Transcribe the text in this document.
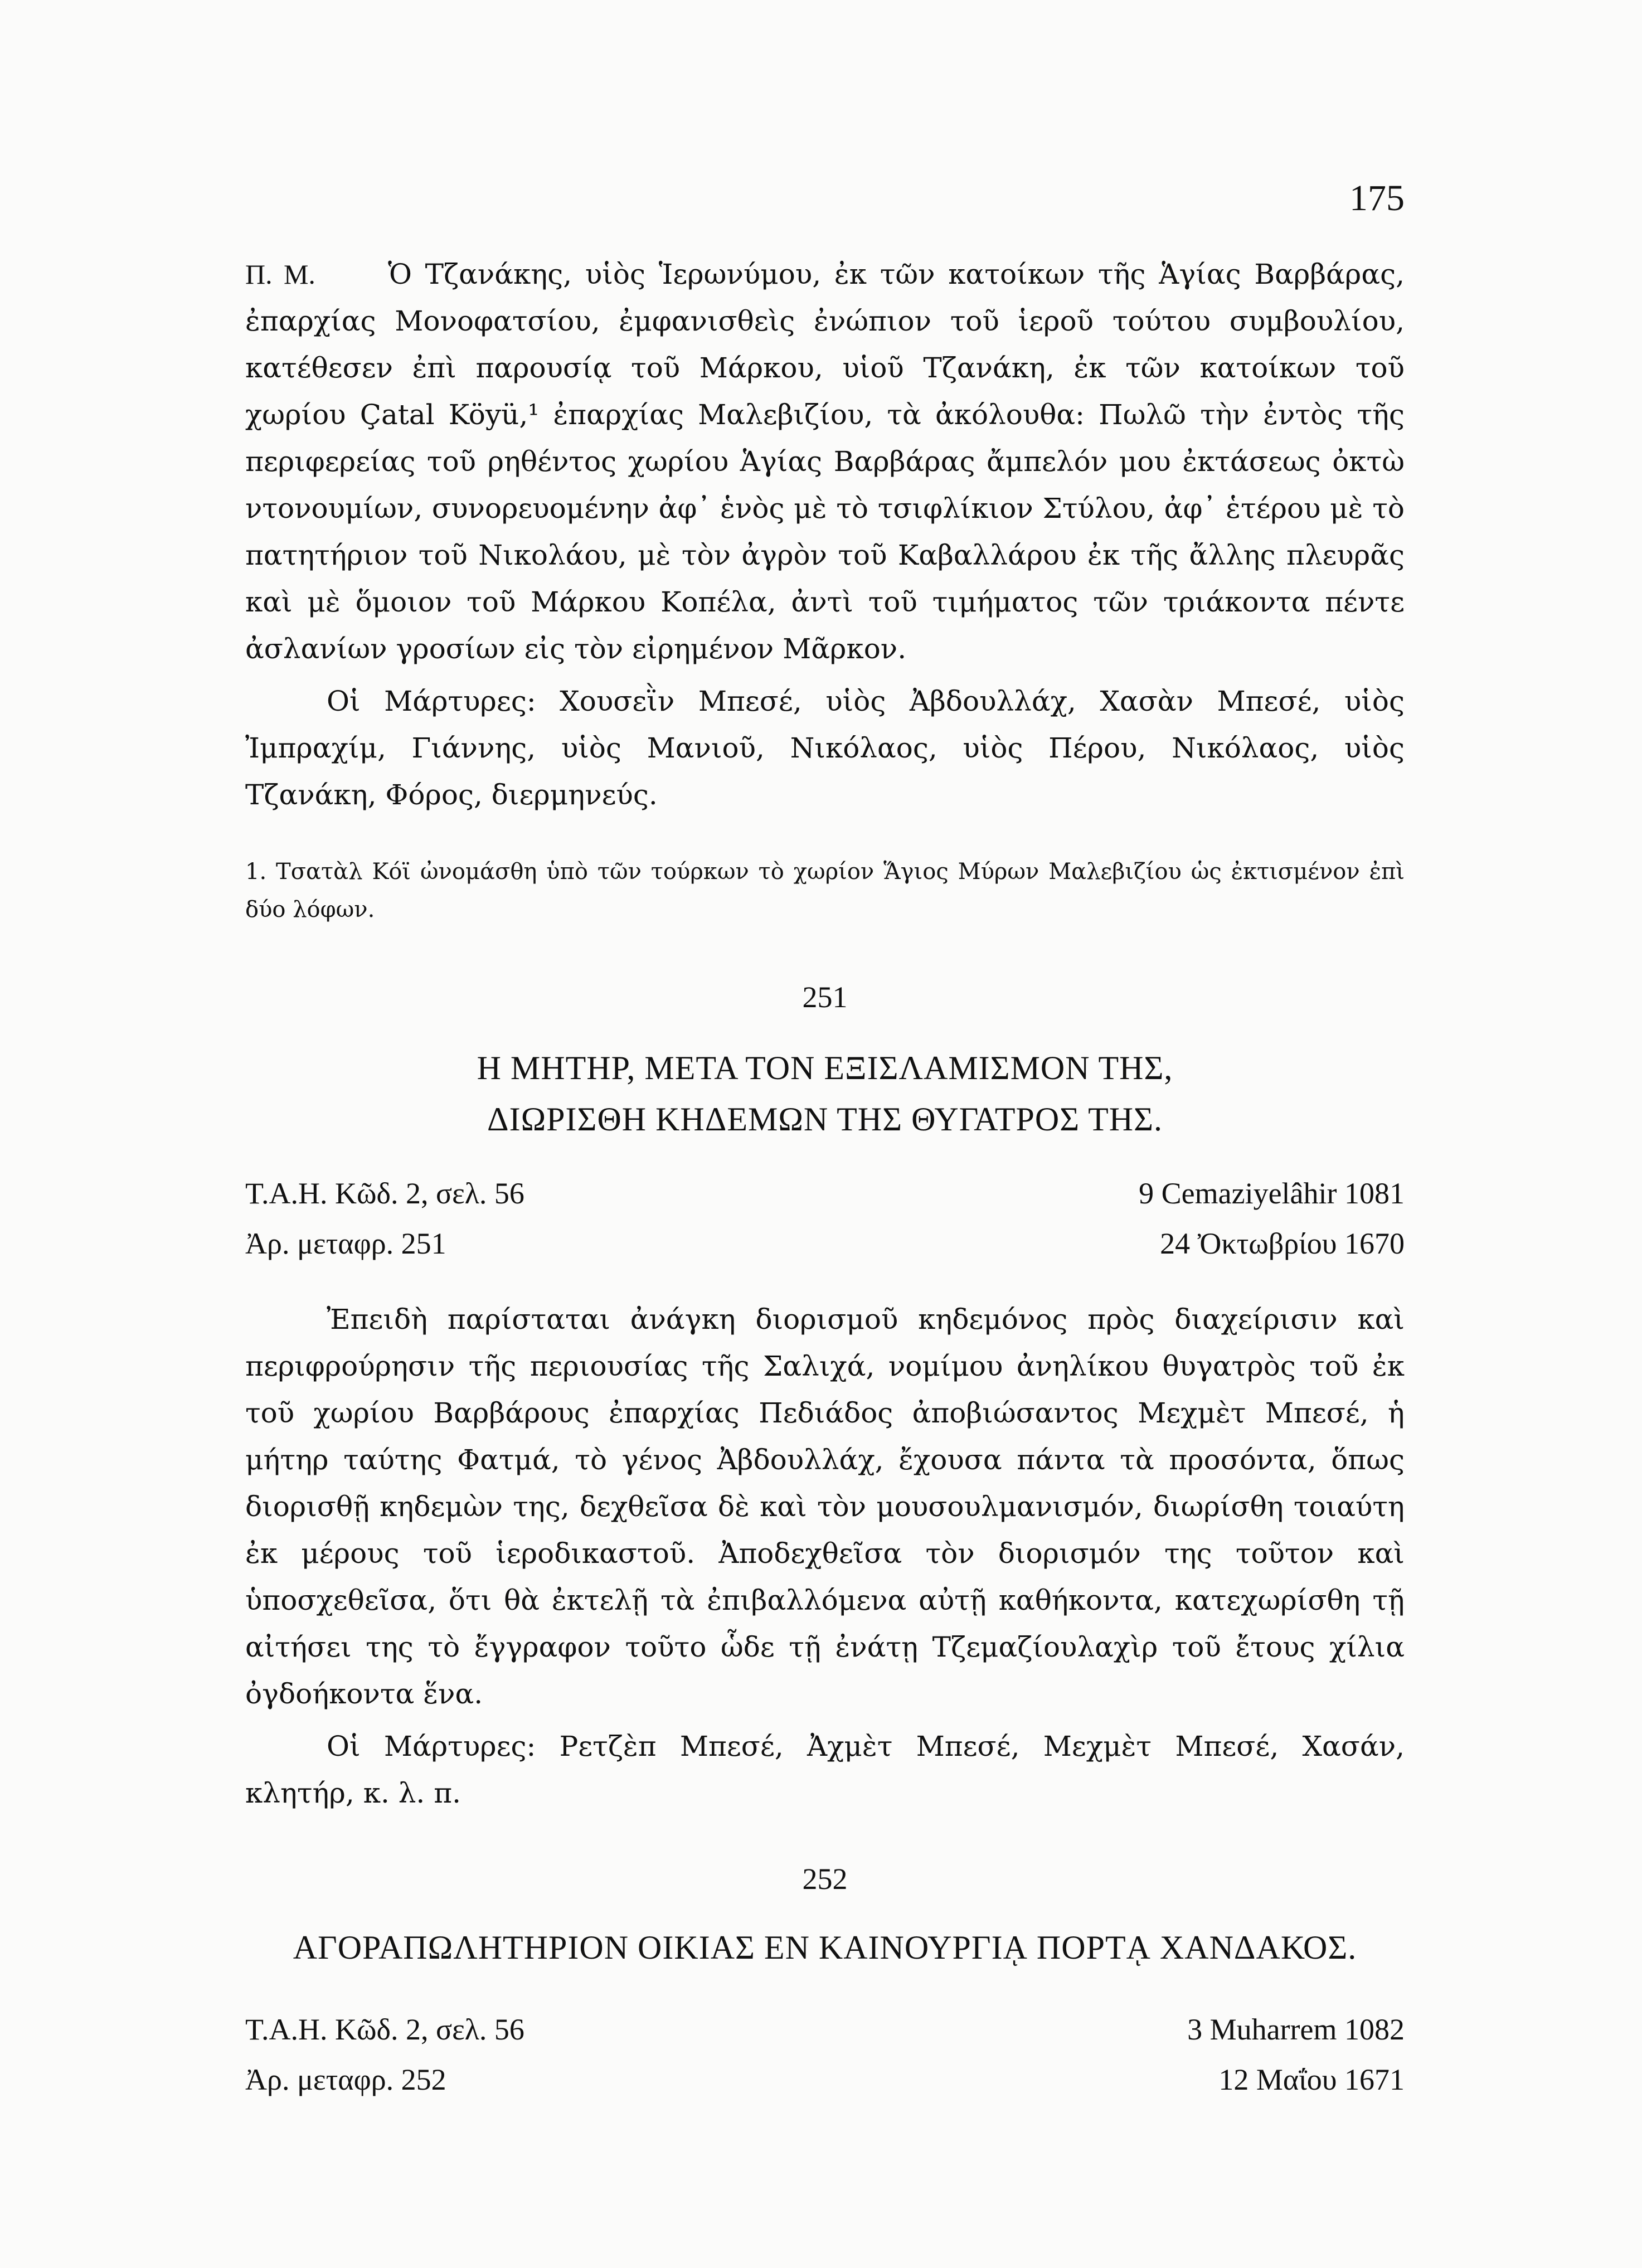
175

Π. Μ.	Ὁ Τζανάκης, υἱὸς Ἱερωνύμου, ἐκ τῶν κατοίκων τῆς Ἁγίας Βαρβάρας, ἐπαρχίας Μονοφατσίου, ἐμφανισθεὶς ἐνώπιον τοῦ ἱεροῦ τούτου συμβουλίου, κατέθεσεν ἐπὶ παρουσίᾳ τοῦ Μάρκου, υἱοῦ Τζανάκη, ἐκ τῶν κατοίκων τοῦ χωρίου Çatal Köyü,¹ ἐπαρχίας Μαλεβιζίου, τὰ ἀκόλουθα: Πωλῶ τὴν ἐντὸς τῆς περιφερείας τοῦ ρηθέντος χωρίου Ἁγίας Βαρβάρας ἄμπελόν μου ἐκτάσεως ὀκτὼ ντονουμίων, συνορευομένην ἀφ᾽ ἑνὸς μὲ τὸ τσιφλίκιον Στύλου, ἀφ᾽ ἑτέρου μὲ τὸ πατητήριον τοῦ Νικολάου, μὲ τὸν ἀγρὸν τοῦ Καβαλλάρου ἐκ τῆς ἄλλης πλευρᾶς καὶ μὲ ὅμοιον τοῦ Μάρκου Κοπέλα, ἀντὶ τοῦ τιμήματος τῶν τριάκοντα πέντε ἀσλανίων γροσίων εἰς τὸν εἰρημένον Μᾶρκον.

Οἱ Μάρτυρες: Χουσεῒν Μπεσέ, υἱὸς Ἀβδουλλάχ, Χασὰν Μπεσέ, υἱὸς Ἰμπραχίμ, Γιάννης, υἱὸς Μανιοῦ, Νικόλαος, υἱὸς Πέρου, Νικόλαος, υἱὸς Τζανάκη, Φόρος, διερμηνεύς.

1. Τσατὰλ Κόϊ ὠνομάσθη ὑπὸ τῶν τούρκων τὸ χωρίον Ἅγιος Μύρων Μαλεβιζίου ὡς ἐκτισμένον ἐπὶ δύο λόφων.

251
Η ΜΗΤΗΡ, ΜΕΤΑ ΤΟΝ ΕΞΙΣΛΑΜΙΣΜΟΝ ΤΗΣ,
ΔΙΩΡΙΣΘΗ ΚΗΔΕΜΩΝ ΤΗΣ ΘΥΓΑΤΡΟΣ ΤΗΣ.
Τ.Α.Η. Κῶδ. 2, σελ. 56	9 Cemaziyelâhir 1081
Ἀρ. μεταφρ. 251	24 Ὀκτωβρίου 1670

Ἐπειδὴ παρίσταται ἀνάγκη διορισμοῦ κηδεμόνος πρὸς διαχείρισιν καὶ περιφρούρησιν τῆς περιουσίας τῆς Σαλιχά, νομίμου ἀνηλίκου θυγατρὸς τοῦ ἐκ τοῦ χωρίου Βαρβάρους ἐπαρχίας Πεδιάδος ἀποβιώσαντος Μεχμὲτ Μπεσέ, ἡ μήτηρ ταύτης Φατμά, τὸ γένος Ἀβδουλλάχ, ἔχουσα πάντα τὰ προσόντα, ὅπως διορισθῇ κηδεμὼν της, δεχθεῖσα δὲ καὶ τὸν μουσουλμανισμόν, διωρίσθη τοιαύτη ἐκ μέρους τοῦ ἱεροδικαστοῦ. Ἀποδεχθεῖσα τὸν διορισμόν της τοῦτον καὶ ὑποσχεθεῖσα, ὅτι θὰ ἐκτελῇ τὰ ἐπιβαλλόμενα αὐτῇ καθήκοντα, κατεχωρίσθη τῇ αἰτήσει της τὸ ἔγγραφον τοῦτο ὧδε τῇ ἐνάτῃ Τζεμαζίουλαχὶρ τοῦ ἔτους χίλια ὀγδοήκοντα ἕνα.

Οἱ Μάρτυρες: Ρετζὲπ Μπεσέ, Ἀχμὲτ Μπεσέ, Μεχμὲτ Μπεσέ, Χασάν, κλητήρ, κ. λ. π.

252
ΑΓΟΡΑΠΩΛΗΤΗΡΙΟΝ ΟΙΚΙΑΣ ΕΝ ΚΑΙΝΟΥΡΓΙᾼ ΠΟΡΤᾼ ΧΑΝΔΑΚΟΣ.
Τ.Α.Η. Κῶδ. 2, σελ. 56	3 Muharrem 1082
Ἀρ. μεταφρ. 252	12 Μαΐου 1671
